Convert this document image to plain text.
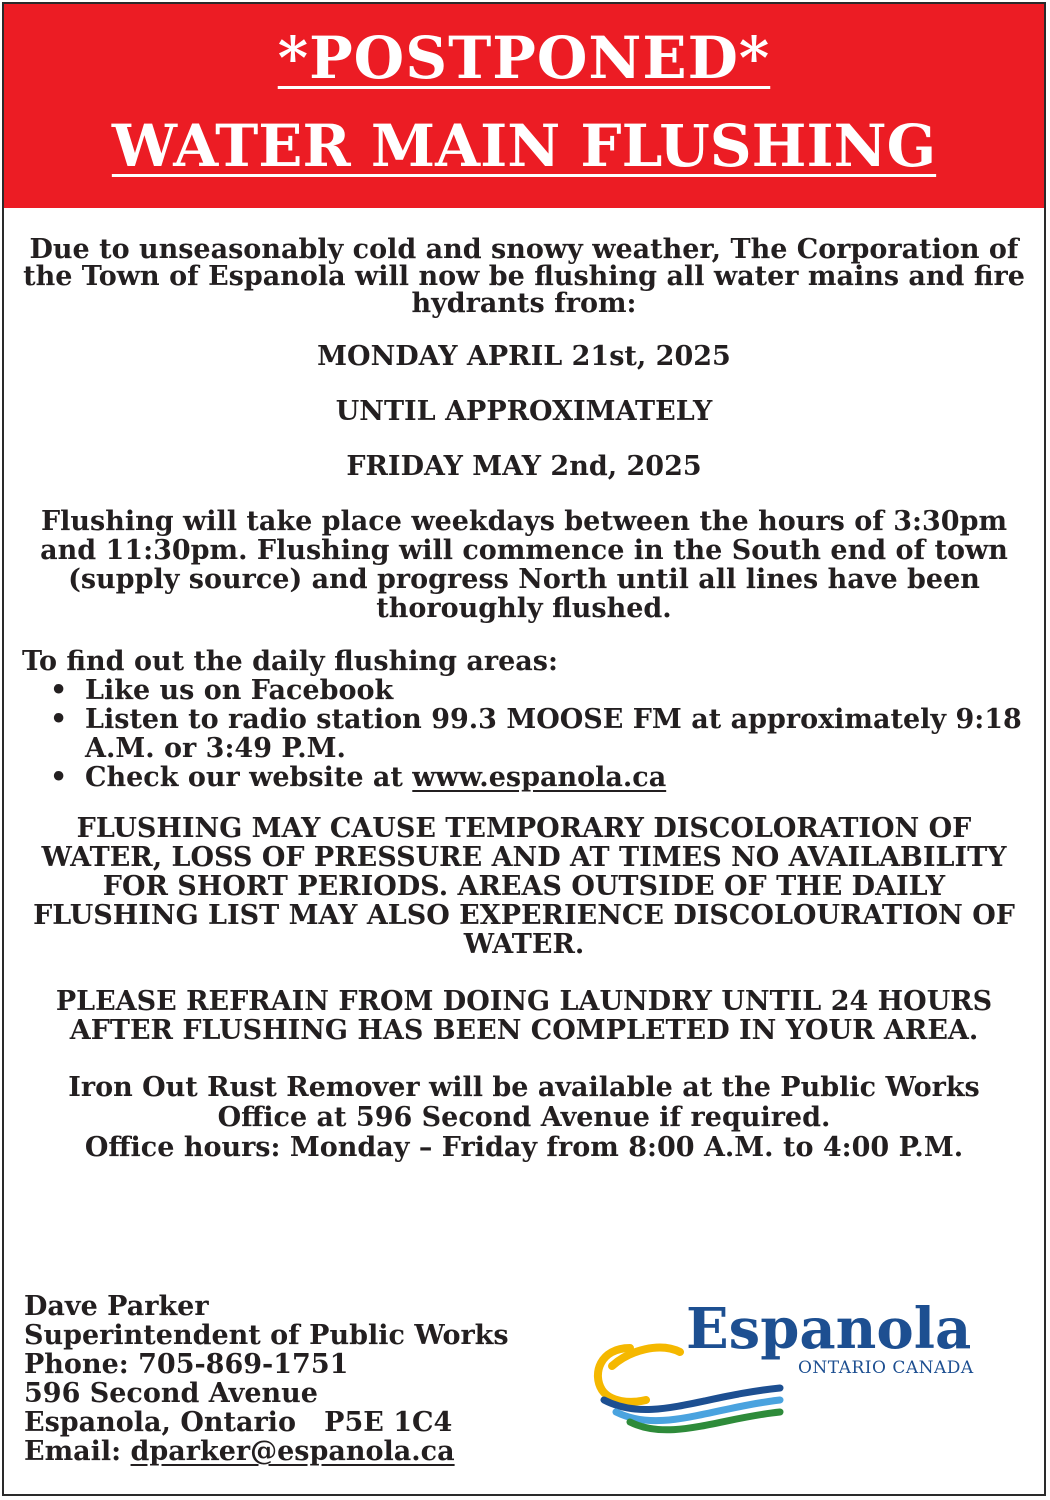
*POSTPONED*
WATER MAIN FLUSHING
Due to unseasonably cold and snowy weather, The Corporation of the Town of Espanola will now be flushing all water mains and fire hydrants from:
MONDAY APRIL 21st, 2025
UNTIL APPROXIMATELY
FRIDAY MAY 2nd, 2025
Flushing will take place weekdays between the hours of 3:30pm and 11:30pm. Flushing will commence in the South end of town (supply source) and progress North until all lines have been thoroughly flushed.
To find out the daily flushing areas:
• Like us on Facebook
• Listen to radio station 99.3 MOOSE FM at approximately 9:18 A.M. or 3:49 P.M.
• Check our website at www.espanola.ca
FLUSHING MAY CAUSE TEMPORARY DISCOLORATION OF WATER, LOSS OF PRESSURE AND AT TIMES NO AVAILABILITY FOR SHORT PERIODS. AREAS OUTSIDE OF THE DAILY FLUSHING LIST MAY ALSO EXPERIENCE DISCOLOURATION OF WATER.
PLEASE REFRAIN FROM DOING LAUNDRY UNTIL 24 HOURS AFTER FLUSHING HAS BEEN COMPLETED IN YOUR AREA.
Iron Out Rust Remover will be available at the Public Works
Office at 596 Second Avenue if required.
Office hours: Monday – Friday from 8:00 A.M. to 4:00 P.M.
Dave Parker
Superintendent of Public Works
Phone: 705-869-1751
596 Second Avenue
Espanola, Ontario   P5E 1C4
Email: dparker@espanola.ca
Espanola
ONTARIO CANADA
